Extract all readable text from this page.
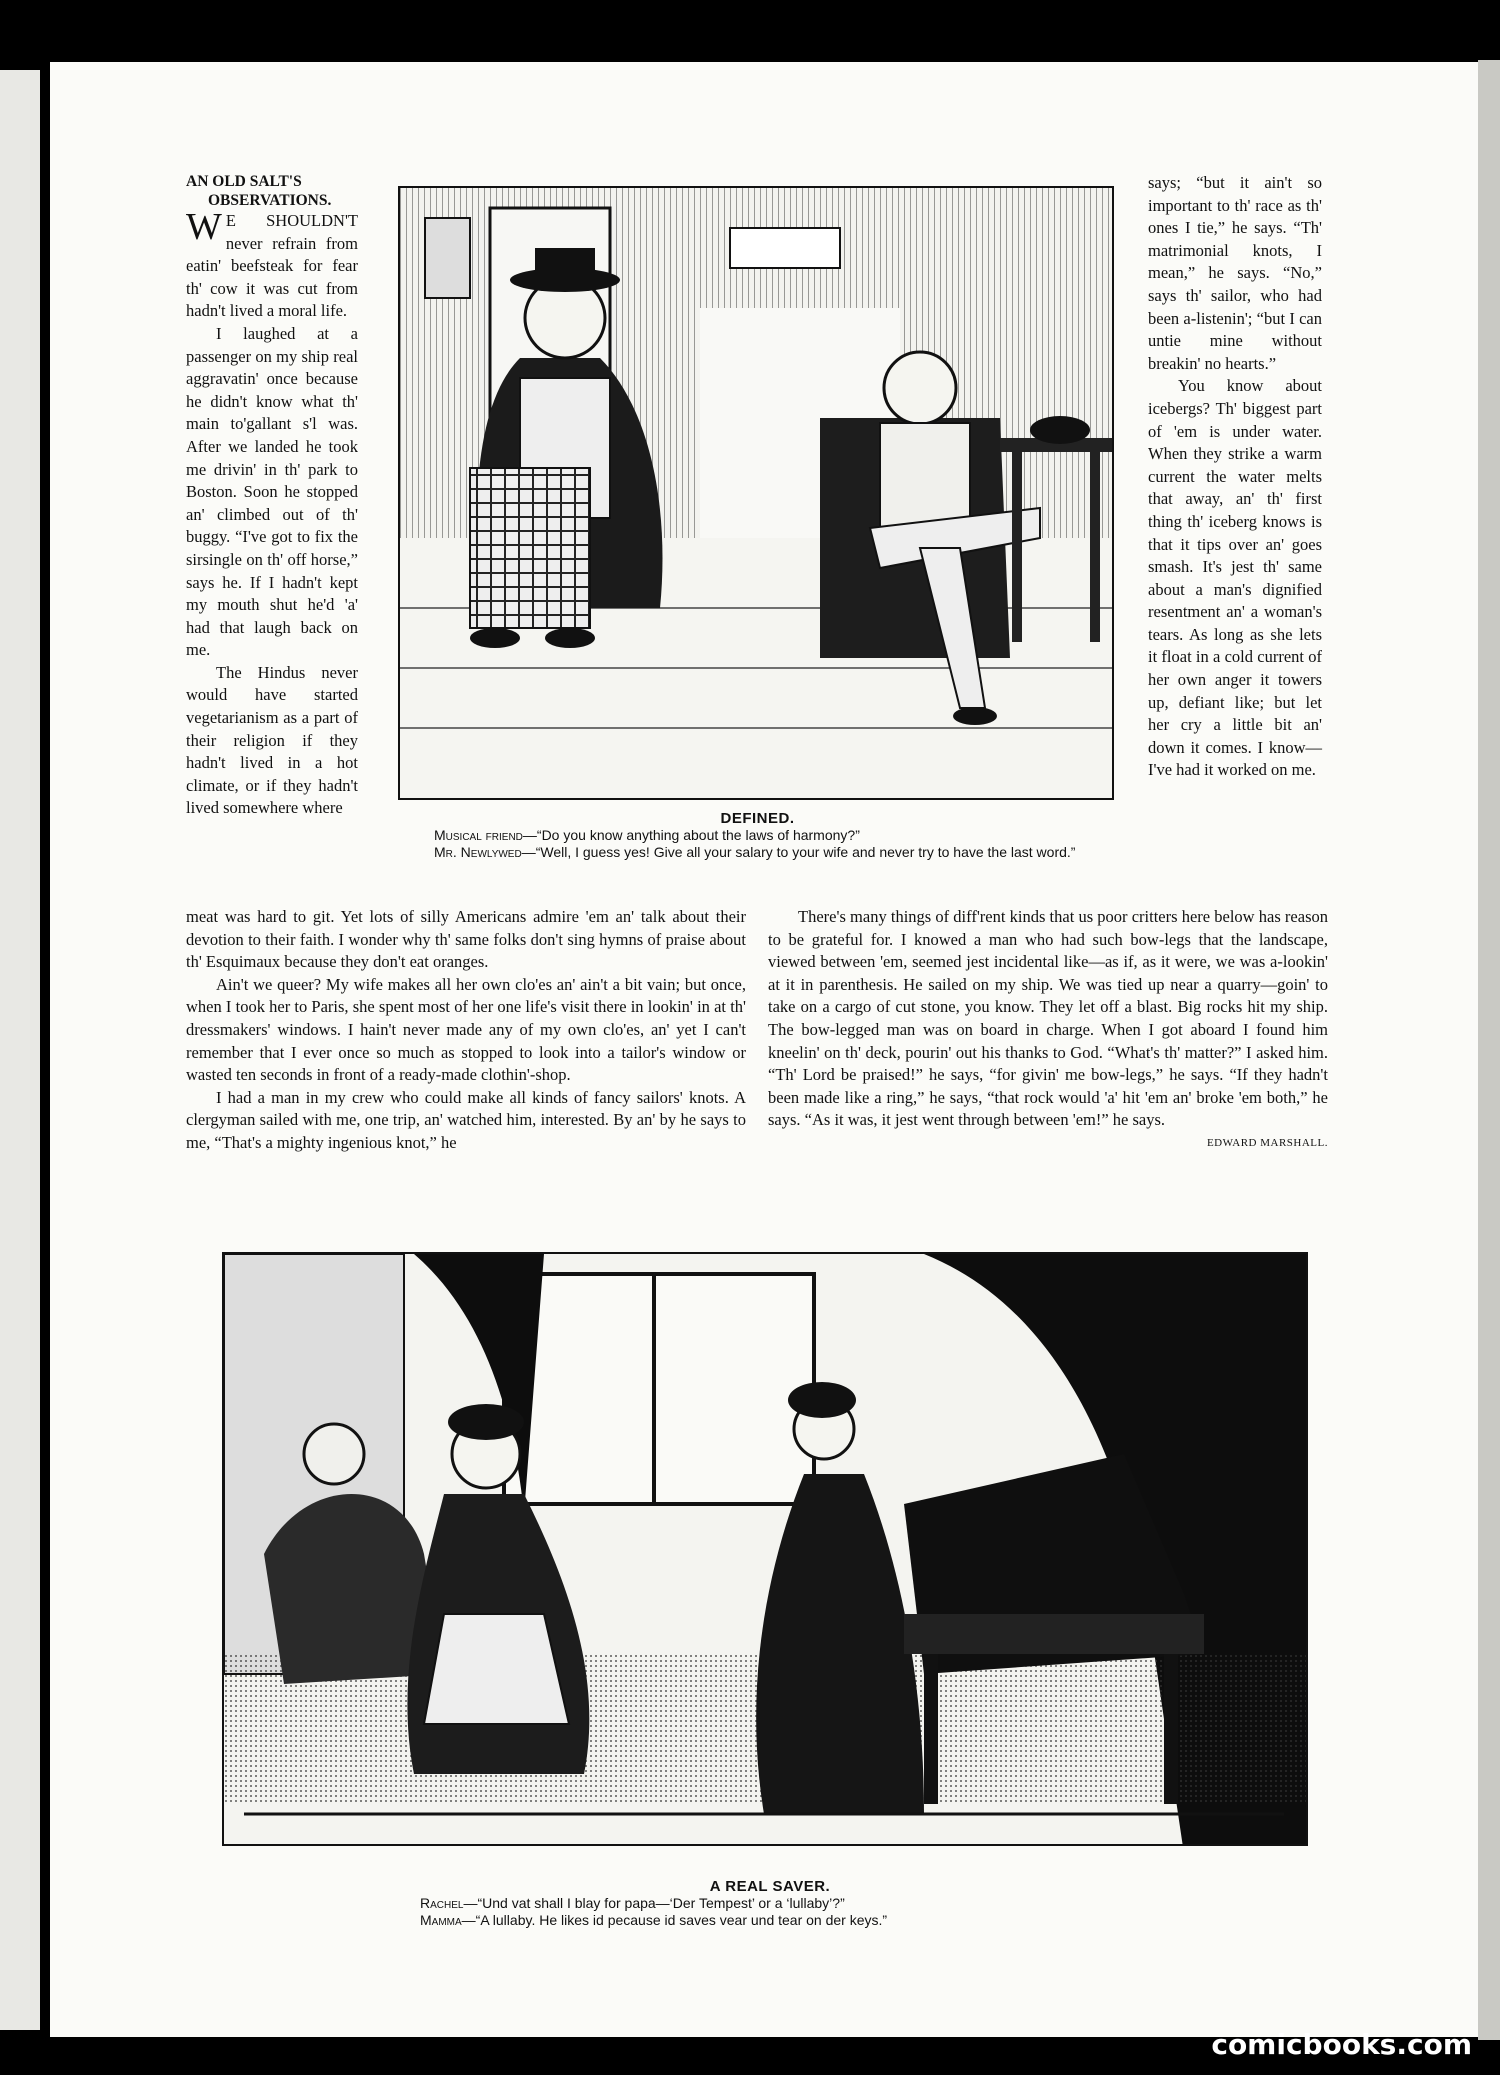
AN OLD SALT'S
OBSERVATIONS.

W E SHOULDN'T never refrain from eatin' beefsteak for fear th' cow it was cut from hadn't lived a moral life.

I laughed at a passenger on my ship real aggravatin' once because he didn't know what th' main to'gallant s'l was. After we landed he took me drivin' in th' park to Boston. Soon he stopped an' climbed out of th' buggy. “I've got to fix the sirsingle on th' off horse,” says he. If I hadn't kept my mouth shut he'd 'a' had that laugh back on me.

The Hindus never would have started vegetarianism as a part of their religion if they hadn't lived in a hot climate, or if they hadn't lived somewhere where

DEFINED.
Musical friend—“Do you know anything about the laws of harmony?”
Mr. Newlywed—“Well, I guess yes! Give all your salary to your wife and never try to have the last word.”

says; “but it ain't so important to th' race as th' ones I tie,” he says. “Th' matrimonial knots, I mean,” he says. “No,” says th' sailor, who had been a-listenin'; “but I can untie mine without breakin' no hearts.”

You know about icebergs? Th' biggest part of 'em is under water. When they strike a warm current the water melts that away, an' th' first thing th' iceberg knows is that it tips over an' goes smash. It's jest th' same about a man's dignified resentment an' a woman's tears. As long as she lets it float in a cold current of her own anger it towers up, defiant like; but let her cry a little bit an' down it comes. I know—I've had it worked on me.

meat was hard to git. Yet lots of silly Americans admire 'em an' talk about their devotion to their faith. I wonder why th' same folks don't sing hymns of praise about th' Esquimaux because they don't eat oranges.

Ain't we queer? My wife makes all her own clo'es an' ain't a bit vain; but once, when I took her to Paris, she spent most of her one life's visit there in lookin' in at th' dressmakers' windows. I hain't never made any of my own clo'es, an' yet I can't remember that I ever once so much as stopped to look into a tailor's window or wasted ten seconds in front of a ready-made clothin'-shop.

I had a man in my crew who could make all kinds of fancy sailors' knots. A clergyman sailed with me, one trip, an' watched him, interested. By an' by he says to me, “That's a mighty ingenious knot,” he

There's many things of diff'rent kinds that us poor critters here below has reason to be grateful for. I knowed a man who had such bow-legs that the landscape, viewed between 'em, seemed jest incidental like—as if, as it were, we was a-lookin' at it in parenthesis. He sailed on my ship. We was tied up near a quarry—goin' to take on a cargo of cut stone, you know. They let off a blast. Big rocks hit my ship. The bow-legged man was on board in charge. When I got aboard I found him kneelin' on th' deck, pourin' out his thanks to God. “What's th' matter?” I asked him. “Th' Lord be praised!” he says, “for givin' me bow-legs,” he says. “If they hadn't been made like a ring,” he says, “that rock would 'a' hit 'em an' broke 'em both,” he says. “As it was, it jest went through between 'em!” he says.

EDWARD MARSHALL.
A REAL SAVER.
Rachel—“Und vat shall I blay for papa—‘Der Tempest’ or a ‘lullaby’?”
Mamma—“A lullaby. He likes id pecause id saves vear und tear on der keys.”
comicbooks.com
